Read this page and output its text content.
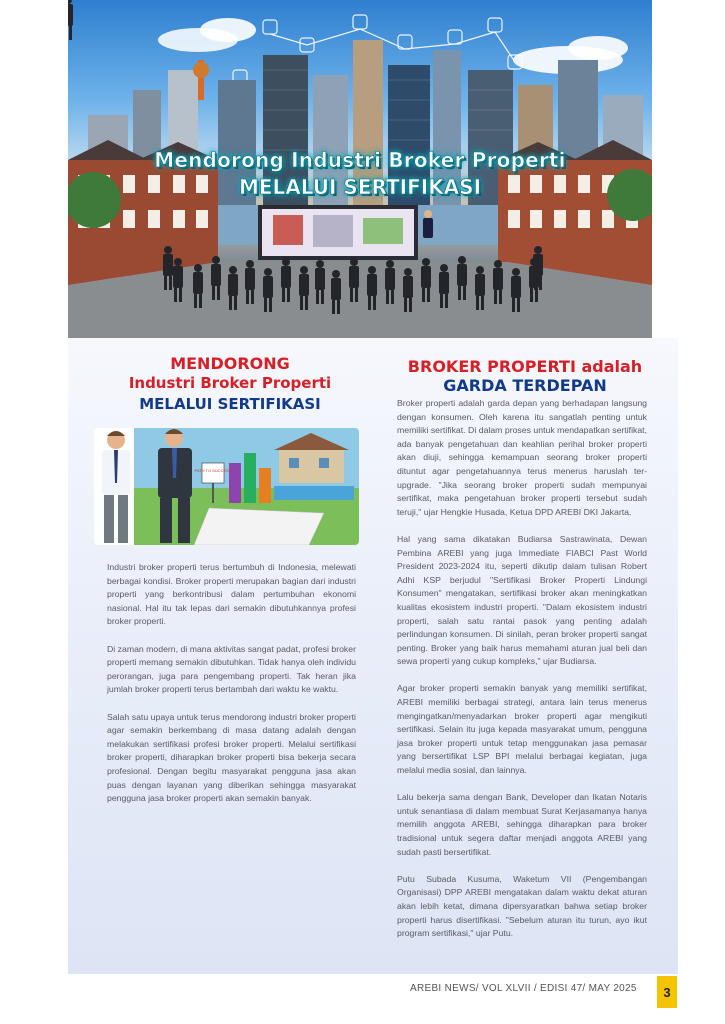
Mendorong Industri Broker Properti
MELALUI SERTIFIKASI
MENDORONG
Industri Broker Properti
MELALUI SERTIFIKASI
PATH TO SUCCESS

Industri broker properti terus bertumbuh di Indonesia, melewati berbagai kondisi. Broker properti merupakan bagian dari industri properti yang berkontribusi dalam pertumbuhan ekonomi nasional. Hal itu tak lepas dari semakin dibutuhkannya profesi broker properti.

Di zaman modern, di mana aktivitas sangat padat, profesi broker properti memang semakin dibutuhkan. Tidak hanya oleh individu perorangan, juga para pengembang properti. Tak heran jika jumlah broker properti terus bertambah dari waktu ke waktu.

Salah satu upaya untuk terus mendorong industri broker properti agar semakin berkembang di masa datang adalah dengan melakukan sertifikasi profesi broker properti. Melalui sertifikasi broker properti, diharapkan broker properti bisa bekerja secara profesional. Dengan begitu masyarakat pengguna jasa akan puas dengan layanan yang diberikan sehingga masyarakat pengguna jasa broker properti akan semakin banyak.

BROKER PROPERTI adalah
GARDA TERDEPAN

Broker properti adalah garda depan yang berhadapan langsung dengan konsumen. Oleh karena itu sangatlah penting untuk memiliki sertifikat. Di dalam proses untuk mendapatkan sertifikat, ada banyak pengetahuan dan keahlian perihal broker properti akan diuji, sehingga kemampuan seorang broker properti dituntut agar pengetahuannya terus menerus haruslah ter-upgrade. "Jika seorang broker properti sudah mempunyai sertifikat, maka pengetahuan broker properti tersebut sudah teruji," ujar Hengkie Husada, Ketua DPD AREBI DKI Jakarta.

Hal yang sama dikatakan Budiarsa Sastrawinata, Dewan Pembina AREBI yang juga Immediate FIABCI Past World President 2023-2024 itu, seperti dikutip dalam tulisan Robert Adhi KSP berjudul "Sertifikasi Broker Properti Lindungi Konsumen" mengatakan, sertifikasi broker akan meningkatkan kualitas ekosistem industri properti. "Dalam ekosistem industri properti, salah satu rantai pasok yang penting adalah perlindungan konsumen. Di sinilah, peran broker properti sangat penting. Broker yang baik harus memahami aturan jual beli dan sewa properti yang cukup kompleks," ujar Budiarsa.

Agar broker properti semakin banyak yang memiliki sertifikat, AREBI memiliki berbagai strategi, antara lain terus menerus mengingatkan/menyadarkan broker properti agar mengikuti sertifikasi. Selain itu juga kepada masyarakat umum, pengguna jasa broker properti untuk tetap menggunakan jasa pemasar yang bersertifikat LSP BPI melalui berbagai kegiatan, juga melalui media sosial, dan lainnya.

Lalu bekerja sama dengan Bank, Developer dan Ikatan Notaris untuk senantiasa di dalam membuat Surat Kerjasamanya hanya memilih anggota AREBI, sehingga diharapkan para broker tradisional untuk segera daftar menjadi anggota AREBI yang sudah pasti bersertifikat.

Putu Subada Kusuma, Waketum VII (Pengembangan Organisasi) DPP AREBI mengatakan dalam waktu dekat aturan akan lebih ketat, dimana dipersyaratkan bahwa setiap broker properti harus disertifikasi. "Sebelum aturan itu turun, ayo ikut program sertifikasi," ujar Putu.

AREBI NEWS/ VOL XLVII / EDISI 47/ MAY 2025	3
